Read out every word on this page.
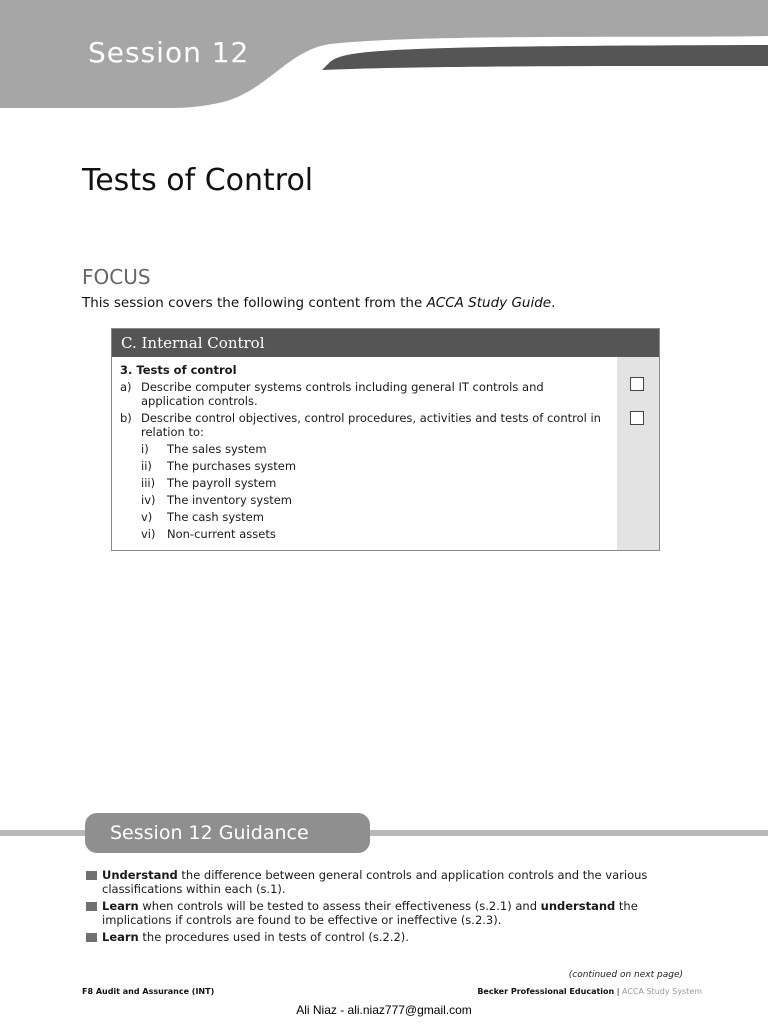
Session 12
Tests of Control
FOCUS

This session covers the following content from the ACCA Study Guide.

C. Internal Control

3. Tests of control

a) Describe computer systems controls including general IT controls and application controls.
b) Describe control objectives, control procedures, activities and tests of control in relation to:
i)	The sales system
ii)	The purchases system
iii)	The payroll system
iv)	The inventory system
v)	The cash system
vi)	Non-current assets
Session 12 Guidance
Understand the difference between general controls and application controls and the various classifications within each (s.1).
Learn when controls will be tested to assess their effectiveness (s.2.1) and understand the implications if controls are found to be effective or ineffective (s.2.3).
Learn the procedures used in tests of control (s.2.2).
(continued on next page)
F8 Audit and Assurance (INT)	Becker Professional Education | ACCA Study System
Ali Niaz - ali.niaz777@gmail.com
